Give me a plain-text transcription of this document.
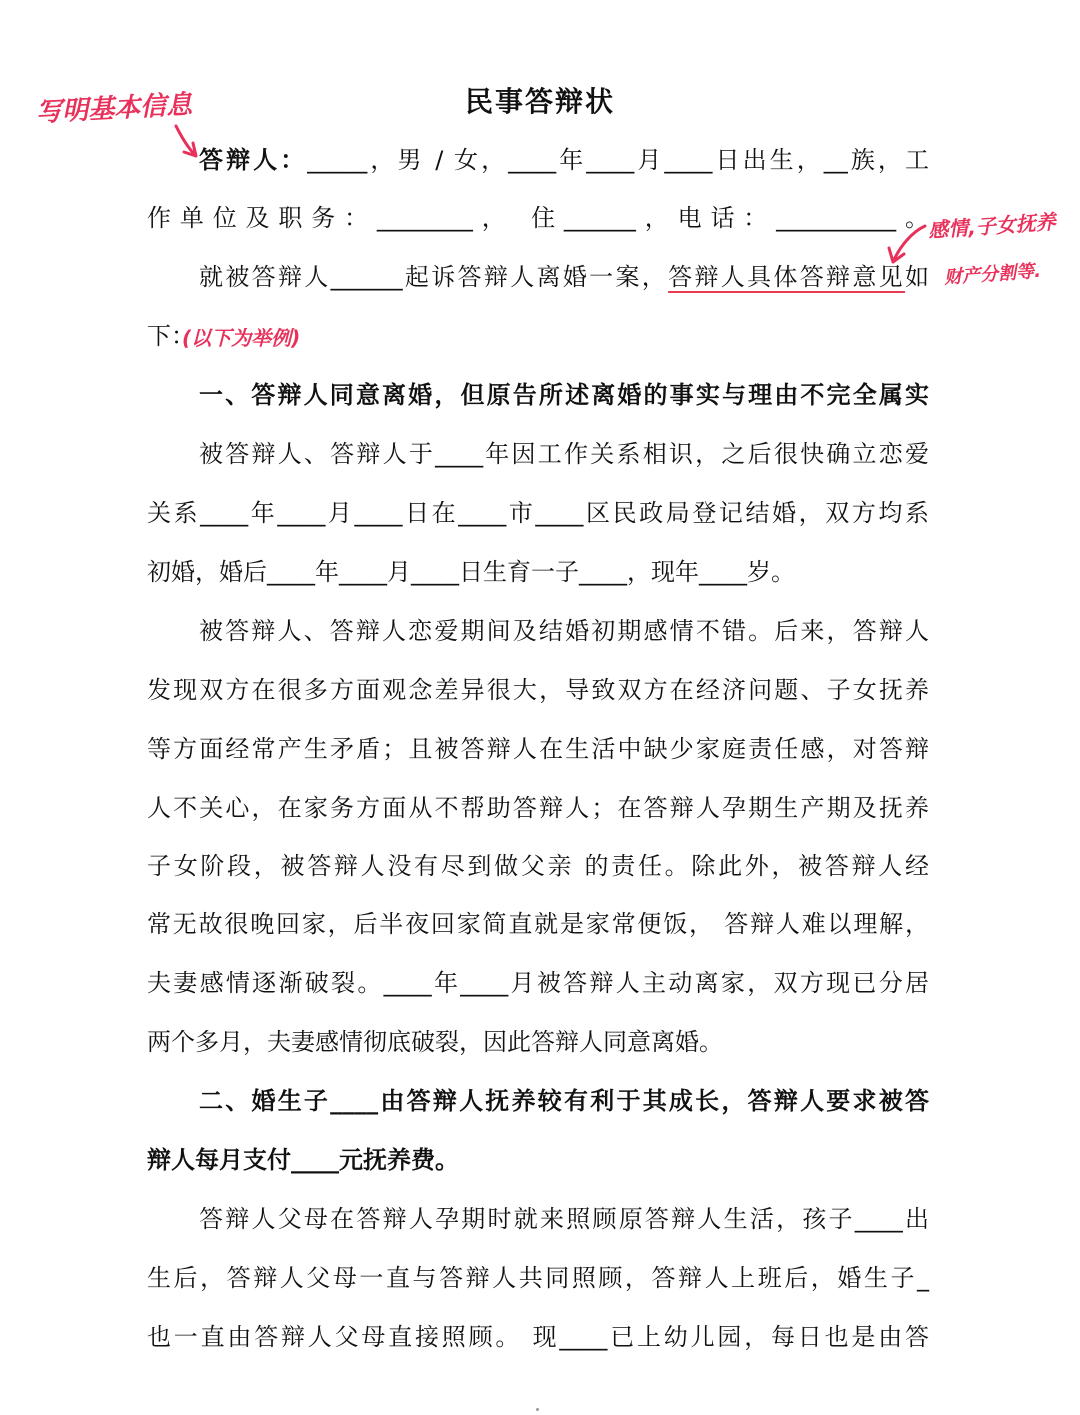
民事答辩状
答辩人：_____，男 / 女，____年____月____日出生，__族，工
作单位及职务：________， 住______，电话：__________。
就被答辩人______起诉答辩人离婚一案，答辩人具体答辩意见如
下：
一、答辩人同意离婚，但原告所述离婚的事实与理由不完全属实
被答辩人、答辩人于____年因工作关系相识，之后很快确立恋爱
关系____年____月____日在____市____区民政局登记结婚，双方均系
初婚，婚后____年____月____日生育一子____，现年____岁。
被答辩人、答辩人恋爱期间及结婚初期感情不错。后来，答辩人
发现双方在很多方面观念差异很大，导致双方在经济问题、子女抚养
等方面经常产生矛盾；且被答辩人在生活中缺少家庭责任感，对答辩
人不关心，在家务方面从不帮助答辩人；在答辩人孕期生产期及抚养
子女阶段，被答辩人没有尽到做父亲 的责任。除此外，被答辩人经
常无故很晚回家，后半夜回家简直就是家常便饭， 答辩人难以理解，
夫妻感情逐渐破裂。____年____月被答辩人主动离家，双方现已分居
两个多月，夫妻感情彻底破裂，因此答辩人同意离婚。
二、婚生子____由答辩人抚养较有利于其成长，答辩人要求被答
辩人每月支付____元抚养费。
答辩人父母在答辩人孕期时就来照顾原答辩人生活，孩子____出
生后，答辩人父母一直与答辩人共同照顾，答辩人上班后，婚生子_
也一直由答辩人父母直接照顾。 现____已上幼儿园，每日也是由答
写明基本信息
(以下为举例)
感情,子女抚养
财产分割等.
